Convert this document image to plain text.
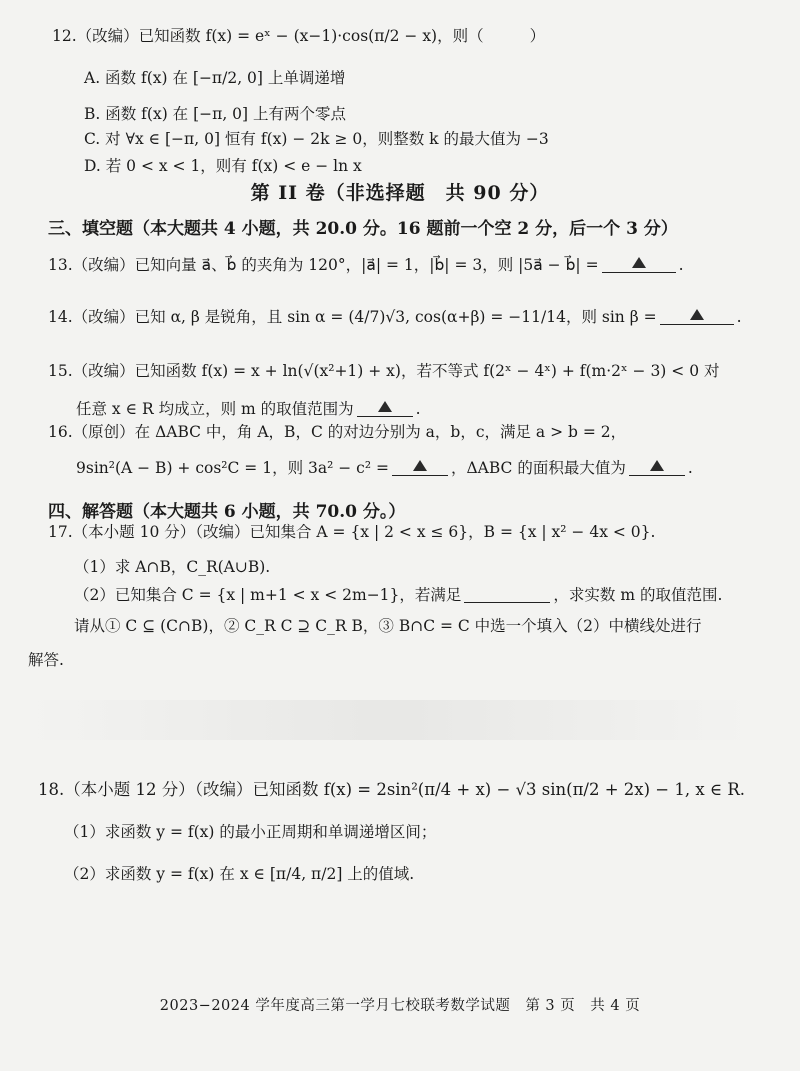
12.（改编）已知函数 f(x) = eˣ − (x−1)·cos(π/2 − x)，则（	）
A. 函数 f(x) 在 [−π/2, 0] 上单调递增
B. 函数 f(x) 在 [−π, 0] 上有两个零点
C. 对 ∀x ∈ [−π, 0] 恒有 f(x) − 2k ≥ 0，则整数 k 的最大值为 −3
D. 若 0 < x < 1，则有 f(x) < e − ln x
第 II 卷（非选择题　共 90 分）
三、填空题（本大题共 4 小题，共 20.0 分。16 题前一个空 2 分，后一个 3 分）
13.（改编）已知向量 a⃗、b⃗ 的夹角为 120°，|a⃗| = 1，|b⃗| = 3，则 |5a⃗ − b⃗| =	.
14.（改编）已知 α, β 是锐角，且 sin α = (4/7)√3, cos(α+β) = −11/14，则 sin β =	.
15.（改编）已知函数 f(x) = x + ln(√(x²+1) + x)，若不等式 f(2ˣ − 4ˣ) + f(m·2ˣ − 3) < 0 对
任意 x ∈ R 均成立，则 m 的取值范围为	.
16.（原创）在 ΔABC 中，角 A，B，C 的对边分别为 a，b，c，满足 a > b = 2，
9sin²(A − B) + cos²C = 1，则 3a² − c² =	，ΔABC 的面积最大值为	.
四、解答题（本大题共 6 小题，共 70.0 分。）
17.（本小题 10 分）（改编）已知集合 A = {x | 2 < x ≤ 6}，B = {x | x² − 4x < 0}.
（1）求 A∩B，C_R(A∪B).
（2）已知集合 C = {x | m+1 < x < 2m−1}，若满足	，求实数 m 的取值范围.
请从① C ⊆ (C∩B)，② C_R C ⊇ C_R B，③ B∩C = C 中选一个填入（2）中横线处进行
解答.
18.（本小题 12 分）（改编）已知函数 f(x) = 2sin²(π/4 + x) − √3 sin(π/2 + 2x) − 1, x ∈ R.
（1）求函数 y = f(x) 的最小正周期和单调递增区间；
（2）求函数 y = f(x) 在 x ∈ [π/4, π/2] 上的值域.
2023−2024 学年度高三第一学月七校联考数学试题　第 3 页　共 4 页
